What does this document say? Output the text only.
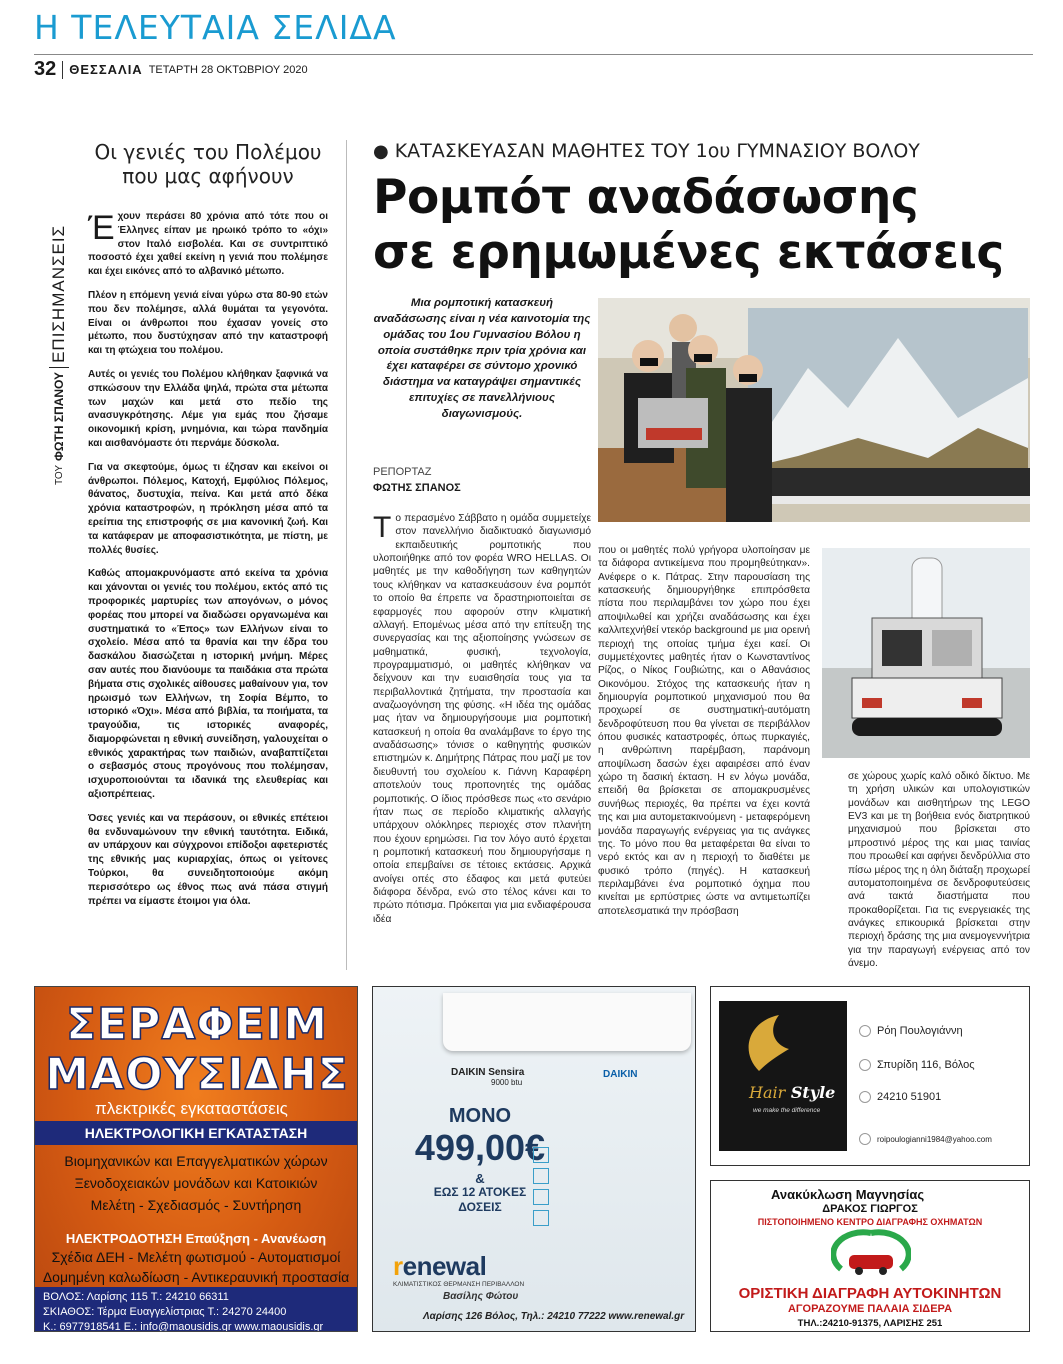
Η ΤΕΛΕΥΤΑΙΑ ΣΕΛΙΔΑ
32 ΘΕΣΣΑΛΙΑ ΤΕΤΑΡΤΗ 28 ΟΚΤΩΒΡΙΟΥ 2020
ΤΟΥ
ΦΩΤΗ ΣΠΑΝΟΥ
ΕΠΙΣΗΜΑΝΣΕΙΣ
Οι γενιές του Πολέμου
που μας αφήνουν

Έχουν περάσει 80 χρόνια από τότε που οι Έλληνες είπαν με ηρωικό τρόπο το «όχι» στον Ιταλό εισβολέα. Και σε συντριπτικό ποσοστό έχει χαθεί εκείνη η γενιά που πολέμησε και έχει εικόνες από το αλβανικό μέτωπο.

Πλέον η επόμενη γενιά είναι γύρω στα 80-90 ετών που δεν πολέμησε, αλλά θυμάται τα γεγονότα. Είναι οι άνθρωποι που έχασαν γονείς στο μέτωπο, που δυστύχησαν από την καταστροφή και τη φτώχεια του πολέμου.

Αυτές οι γενιές του Πολέμου κλήθηκαν ξαφνικά να σπκώσουν την Ελλάδα ψηλά, πρώτα στα μέτωπα των μαχών και μετά στο πεδίο της ανασυγκρότησης. Λέμε για εμάς που ζήσαμε οικονομική κρίση, μνημόνια, και τώρα πανδημία και αισθανόμαστε ότι περνάμε δύσκολα.

Για να σκεφτούμε, όμως τι έζησαν και εκείνοι οι άνθρωποι. Πόλεμος, Κατοχή, Εμφύλιος Πόλεμος, θάνατος, δυστυχία, πείνα. Και μετά από δέκα χρόνια καταστροφών, η πρόκληση μέσα από τα ερείπια της επιστροφής σε μια κανονική ζωή. Και τα κατάφεραν με αποφασιστικότητα, με πίστη, με πολλές θυσίες.

Καθώς απομακρυνόμαστε από εκείνα τα χρόνια και χάνονται οι γενιές του πολέμου, εκτός από τις προφορικές μαρτυρίες των απογόνων, ο μόνος φορέας που μπορεί να διαδώσει οργανωμένα και συστηματικά το «Έπος» των Ελλήνων είναι το σχολείο. Μέσα από τα θρανία και την έδρα του δασκάλου διασώζεται η ιστορική μνήμη. Μέρες σαν αυτές που διανύουμε τα παιδάκια στα πρώτα βήματα στις σχολικές αίθουσες μαθαίνουν για, τον ηρωισμό των Ελλήνων, τη Σοφία Βέμπο, το ιστορικό «Όχι». Μέσα από βιβλία, τα ποιήματα, τα τραγούδια, τις ιστορικές αναφορές, διαμορφώνεται η εθνική συνείδηση, γαλουχείται ο εθνικός χαρακτήρας των παιδιών, αναβαπτίζεται ο σεβασμός στους προγόνους που πολέμησαν, ισχυροποιούνται τα ιδανικά της ελευθερίας και αξιοπρέπειας.

Όσες γενιές και να περάσουν, οι εθνικές επέτειοι θα ενδυναμώνουν την εθνική ταυτότητα. Ειδικά, αν υπάρχουν και σύγχρονοι επίδοξοι αφετεριστές της εθνικής μας κυριαρχίας, όπως οι γείτονες Τούρκοι, θα συνειδητοποιούμε ακόμη περισσότερο ως έθνος πως ανά πάσα στιγμή πρέπει να είμαστε έτοιμοι για όλα.

● ΚΑΤΑΣΚΕΥΑΣΑΝ ΜΑΘΗΤΕΣ ΤΟΥ 1ου ΓΥΜΝΑΣΙΟΥ ΒΟΛΟΥ
Ρομπότ αναδάσωσης
σε ερημωμένες εκτάσεις
Μια ρομποτική κατασκευή αναδάσωσης είναι η νέα καινοτομία της ομάδας του 1ου Γυμνασίου Βόλου η οποία συστάθηκε πριν τρία χρόνια και έχει καταφέρει σε σύντομο χρονικό διάστημα να καταγράψει σημαντικές επιτυχίες σε πανελλήνιους διαγωνισμούς.
ΡΕΠΟΡΤΑΖ
ΦΩΤΗΣ ΣΠΑΝΟΣ
Το περασμένο Σάββατο η ομάδα συμμετείχε στον πανελλήνιο διαδικτυακό διαγωνισμό εκπαιδευτικής ρομποτικής που υλοποιήθηκε από τον φορέα WRO HELLAS. Οι μαθητές με την καθοδήγηση των καθηγητών τους κλήθηκαν να κατασκευάσουν ένα ρομπότ το οποίο θα έπρεπε να δραστηριοποιείται σε εφαρμογές που αφορούν στην κλιματική αλλαγή. Επομένως μέσα από την επίτευξη της συνεργασίας και της αξιοποίησης γνώσεων σε μαθηματικά, φυσική, τεχνολογία, προγραμματισμό, οι μαθητές κλήθηκαν να δείχνουν και την ευαισθησία τους για τα περιβαλλοντικά ζητήματα, την προστασία και αναζωογόνηση της φύσης. «Η ιδέα της ομάδας μας ήταν να δημιουργήσουμε μια ρομποτική κατασκευή η οποία θα αναλάμβανε το έργο της αναδάσωσης» τόνισε ο καθηγητής φυσικών επιστημών κ. Δημήτρης Πάτρας που μαζί με τον διευθυντή του σχολείου κ. Γιάννη Καραφέρη αποτελούν τους προπονητές της ομάδας ρομποτικής. Ο ίδιος πρόσθεσε πως «το σενάριο ήταν πως σε περίοδο κλιματικής αλλαγής υπάρχουν ολόκληρες περιοχές στον πλανήτη που έχουν ερημώσει. Για τον λόγο αυτό έρχεται η ρομποτική κατασκευή που δημιουργήσαμε η οποία επεμβαίνει σε τέτοιες εκτάσεις. Αρχικά ανοίγει οπές στο έδαφος και μετά φυτεύει διάφορα δένδρα, ενώ στο τέλος κάνει και το πρώτο πότισμα. Πρόκειται για μια ενδιαφέρουσα ιδέα
που οι μαθητές πολύ γρήγορα υλοποίησαν με τα διάφορα αντικείμενα που προμηθεύτηκαν». Ανέφερε ο κ. Πάτρας. Στην παρουσίαση της κατασκευής δημιουργήθηκε επιπρόσθετα πίστα που περιλαμβάνει τον χώρο που έχει αποψιλωθεί και χρήζει αναδάσωσης και έχει καλλιτεχνήθεί ντεκόρ background με μια ορεινή περιοχή της οποίας τμήμα έχει καεί. Οι συμμετέχοντες μαθητές ήταν ο Κωνσταντίνος Ρίζος, ο Νίκος Γουβιώτης, και ο Αθανάσιος Οικονόμου. Στόχος της κατασκευής ήταν η δημιουργία ρομποτικού μηχανισμού που θα προχωρεί σε συστηματική-αυτόματη δενδροφύτευση που θα γίνεται σε περιβάλλον όπου φυσικές καταστροφές, όπως πυρκαγιές, η ανθρώπινη παρέμβαση, παράνομη αποψίλωση δασών έχει αφαιρέσει από έναν χώρο τη δασική έκταση. Η εν λόγω μονάδα, επειδή θα βρίσκεται σε απομακρυσμένες συνήθως περιοχές, θα πρέπει να έχει κοντά της και μια αυτομετακινούμενη - μεταφερόμενη μονάδα παραγωγής ενέργειας για τις ανάγκες της. Το μόνο που θα μεταφέρεται θα είναι το νερό εκτός και αν η περιοχή το διαθέτει με φυσικό τρόπο (πηγές). Η κατασκευή περιλαμβάνει ένα ρομποτικό όχημα που κινείται με ερπύστριες ώστε να αντιμετωπίζει αποτελεσματικά την πρόσβαση
σε χώρους χωρίς καλό οδικό δίκτυο. Με τη χρήση υλικών και υπολογιστικών μονάδων και αισθητήρων της LEGO EV3 και με τη βοήθεια ενός διατρητικού μηχανισμού που βρίσκεται στο μπροστινό μέρος της και μιας ταινίας που προωθεί και αφήνει δενδρύλλια στο πίσω μέρος της η όλη διάταξη προχωρεί αυτοματοποιημένα σε δενδροφυτεύσεις ανά τακτά διαστήματα που προκαθορίζεται. Για τις ενεργειακές της ανάγκες επικουρικά βρίσκεται στην περιοχή δράσης της μια ανεμογεννήτρια για την παραγωγή ενέργειας από τον άνεμο.
ΣΕΡΑΦΕΙΜ
ΜΑΟΥΣΙΔΗΣ
πλεκτρικές εγκαταστάσεις
ΗΛΕΚΤΡΟΛΟΓΙΚΗ ΕΓΚΑΤΑΣΤΑΣΗ
Βιομηχανικών και Επαγγελματικών χώρων
Ξενοδοχειακών μονάδων και Κατοικιών
Μελέτη - Σχεδιασμός - Συντήρηση
ΗΛΕΚΤΡΟΔΟΤΗΣΗ Επαύξηση - Ανανέωση
Σχέδια ΔΕΗ - Μελέτη φωτισμού - Αυτοματισμοί
Δομημένη καλωδίωση - Αντικεραυνική προστασία
ΒΟΛΟΣ: Λαρίσης 115 Τ.: 24210 66311
ΣΚΙΑΘΟΣ: Τέρμα Ευαγγελίστριας Τ.: 24270 24400
Κ.: 6977918541 E.: info@maousidis.gr www.maousidis.gr
DAIKIN Sensira
9000 btu
DAIKIN
ΜΟΝΟ
499,00€
&
ΕΩΣ 12 ΑΤΟΚΕΣ
ΔΟΣΕΙΣ
renewal
ΚΛΙΜΑΤΙΣΤΙΚΟΣ ΘΕΡΜΑΝΣΗ ΠΕΡΙΒΑΛΛΟΝ
Βασίλης Φώτου
Λαρίσης 126 Βόλος, Τηλ.: 24210 77222 www.renewal.gr
Hair Style
we make the difference
Ρόη Πουλογιάννη
Σπυρίδη 116, Βόλος
24210 51901
roipoulogianni1984@yahoo.com
Ανακύκλωση Μαγνησίας
ΔΡΑΚΟΣ ΓΙΩΡΓΟΣ
ΠΙΣΤΟΠΟΙΗΜΕΝΟ ΚΕΝΤΡΟ ΔΙΑΓΡΑΦΗΣ ΟΧΗΜΑΤΩΝ
ΟΡΙΣΤΙΚΗ ΔΙΑΓΡΑΦΗ ΑΥΤΟΚΙΝΗΤΩΝ
ΑΓΟΡΑΖΟΥΜΕ ΠΑΛΑΙΑ ΣΙΔΕΡΑ
ΤΗΛ.:24210-91375, ΛΑΡΙΣΗΣ 251
